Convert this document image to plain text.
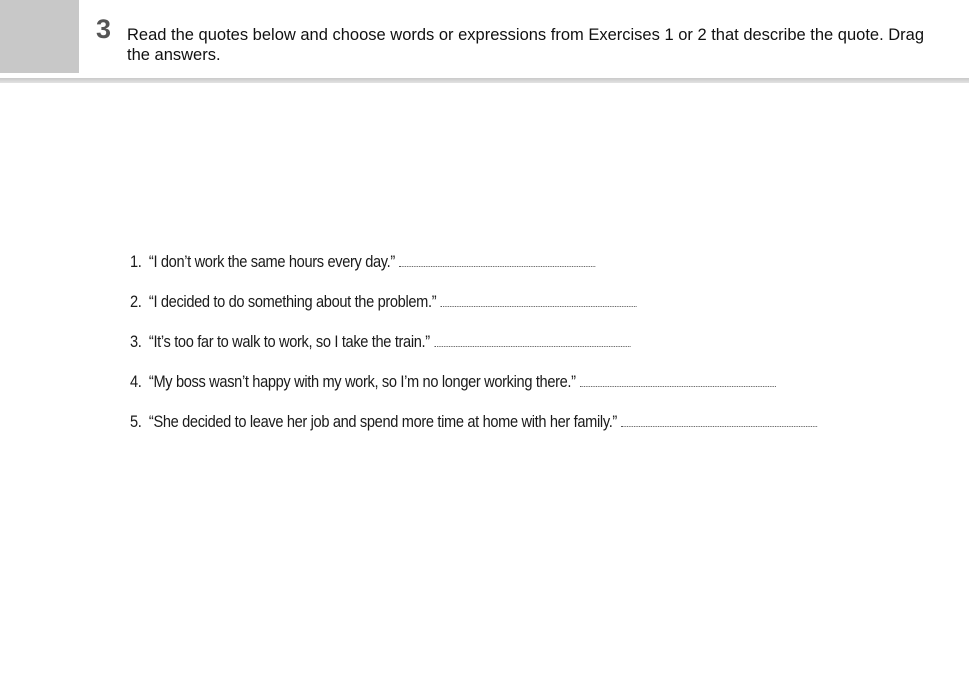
3 Read the quotes below and choose words or expressions from Exercises 1 or 2 that describe the quote. Drag the answers.
1. “I don’t work the same hours every day.”
2. “I decided to do something about the problem.”
3. “It’s too far to walk to work, so I take the train.”
4. “My boss wasn’t happy with my work, so I’m no longer working there.”
5. “She decided to leave her job and spend more time at home with her family.”
